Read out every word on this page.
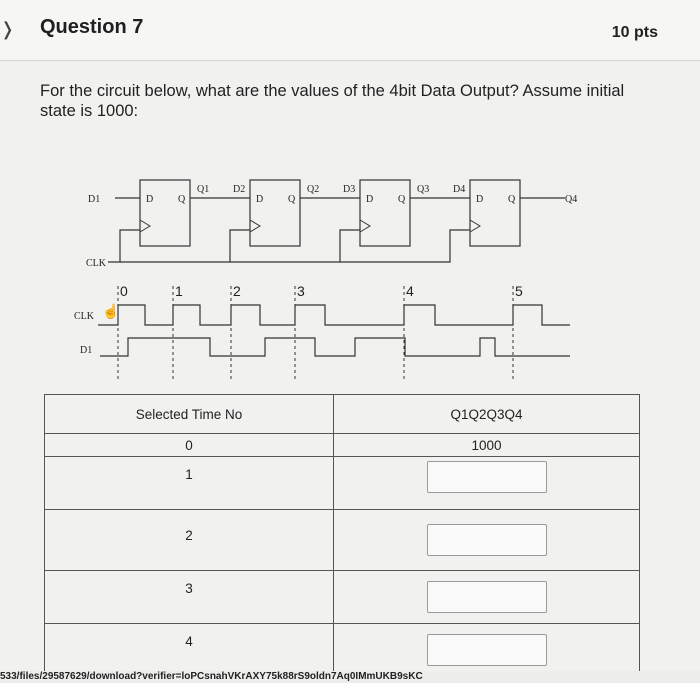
❭	Question 7	10 pts
For the circuit below, what are the values of the 4bit Data Output? Assume initial state is 1000:
D1	D Q
Q1 D2
D Q
Q2 D3
D Q
Q3 D4
D Q	Q4
CLK
0	1	2	3	4	5
CLK
D1
☝
Selected Time No	Q1Q2Q3Q4
0	1000
1	

2	

3	

4	
533/files/29587629/download?verifier=loPCsnahVKrAXY75k88rS9oldn7Aq0IMmUKB9sKC
